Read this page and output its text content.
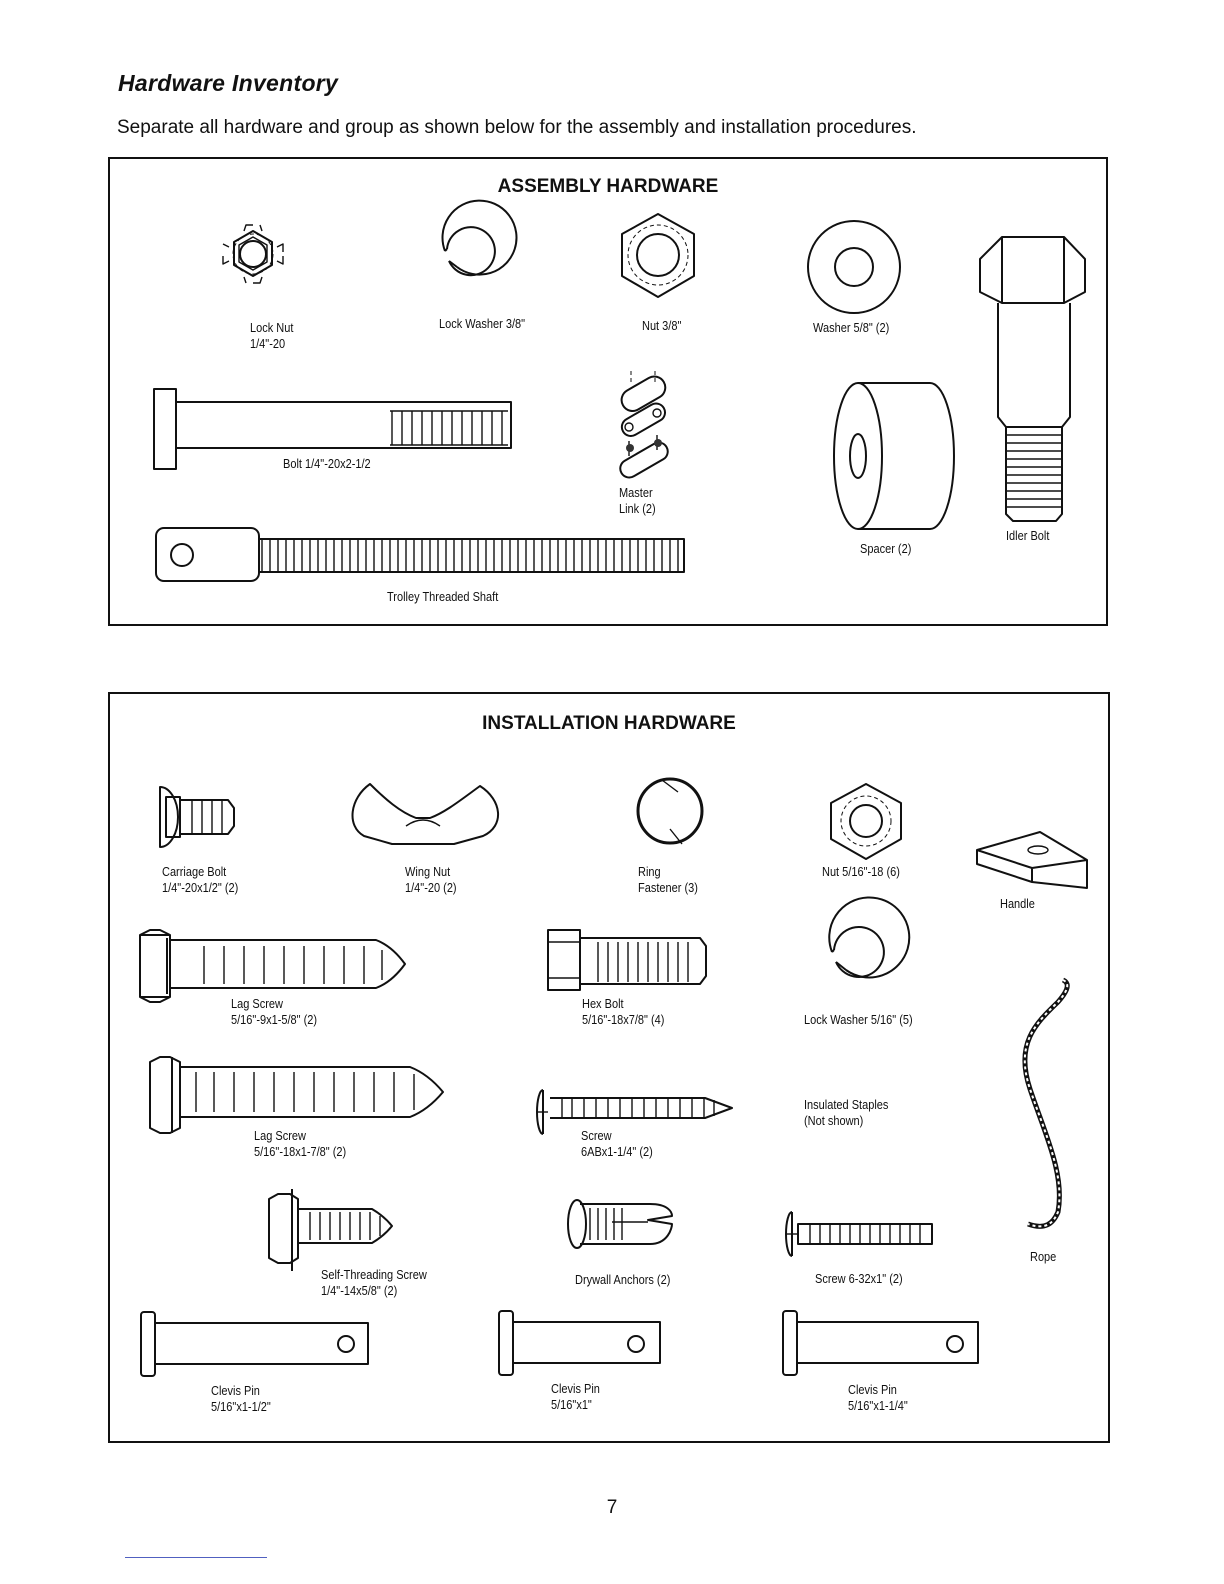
Hardware Inventory

Separate all hardware and group as shown below for the assembly and installation procedures.

ASSEMBLY HARDWARE
Lock Nut
1/4"-20
Lock Washer 3/8"	Nut 3/8"	Washer 5/8" (2)
Bolt 1/4"-20x2-1/2
Master
Link (2)
Spacer (2)
Idler Bolt
Trolley Threaded Shaft
INSTALLATION HARDWARE
Carriage Bolt
1/4"-20x1/2" (2)
Wing Nut
1/4"-20 (2)
Ring
Fastener (3)
Nut 5/16"-18 (6)
Handle
Lag Screw
5/16"-9x1-5/8" (2)
Hex Bolt
5/16"-18x7/8" (4)	Lock Washer 5/16" (5)
Lag Screw
5/16"-18x1-7/8" (2)
Screw
6ABx1-1/4" (2)
Insulated Staples
(Not shown)
Self-Threading Screw
1/4"-14x5/8" (2)
Drywall Anchors (2)	Screw 6-32x1" (2)
Rope
Clevis Pin
5/16"x1-1/2"
Clevis Pin
5/16"x1"
Clevis Pin
5/16"x1-1/4"
7
